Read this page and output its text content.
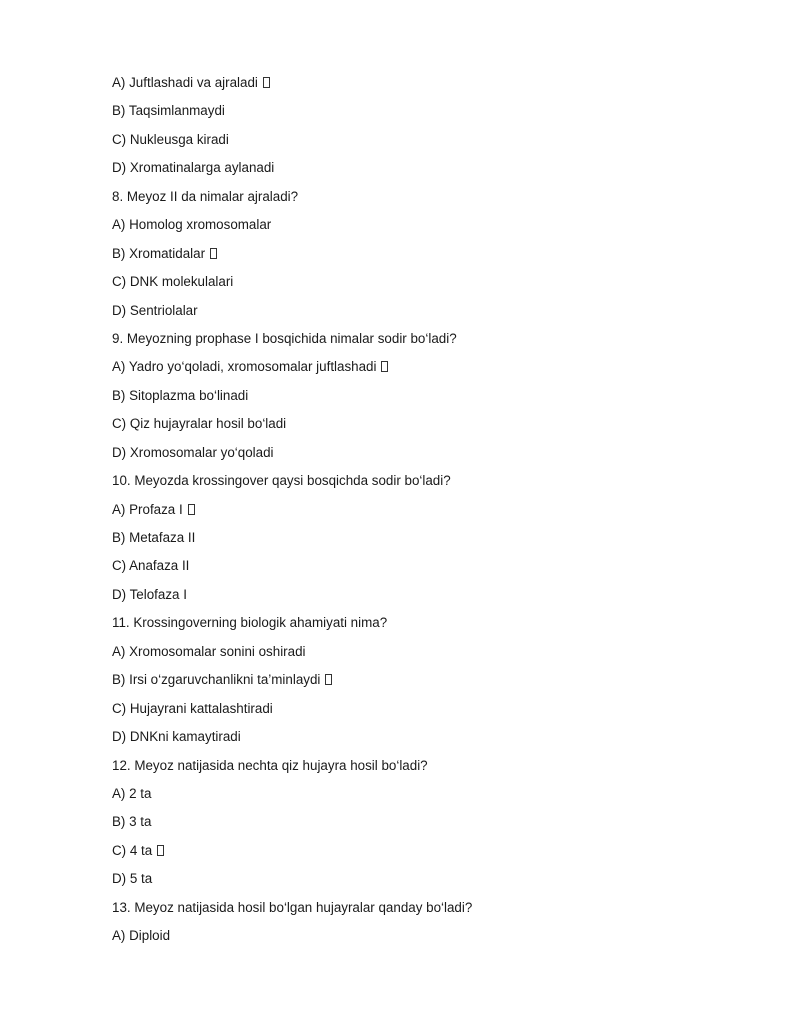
A) Juftlashadi va ajraladi
B) Taqsimlanmaydi
C) Nukleusga kiradi
D) Xromatinalarga aylanadi
8. Meyoz II da nimalar ajraladi?
A) Homolog xromosomalar
B) Xromatidalar
C) DNK molekulalari
D) Sentriolalar
9. Meyozning prophase I bosqichida nimalar sodir bo‘ladi?
A) Yadro yo‘qoladi, xromosomalar juftlashadi
B) Sitoplazma bo‘linadi
C) Qiz hujayralar hosil bo‘ladi
D) Xromosomalar yo‘qoladi
10. Meyozda krossingover qaysi bosqichda sodir bo‘ladi?
A) Profaza I
B) Metafaza II
C) Anafaza II
D) Telofaza I
11. Krossingoverning biologik ahamiyati nima?
A) Xromosomalar sonini oshiradi
B) Irsi o‘zgaruvchanlikni ta’minlaydi
C) Hujayrani kattalashtiradi
D) DNKni kamaytiradi
12. Meyoz natijasida nechta qiz hujayra hosil bo‘ladi?
A) 2 ta
B) 3 ta
C) 4 ta
D) 5 ta
13. Meyoz natijasida hosil bo‘lgan hujayralar qanday bo‘ladi?
A) Diploid
